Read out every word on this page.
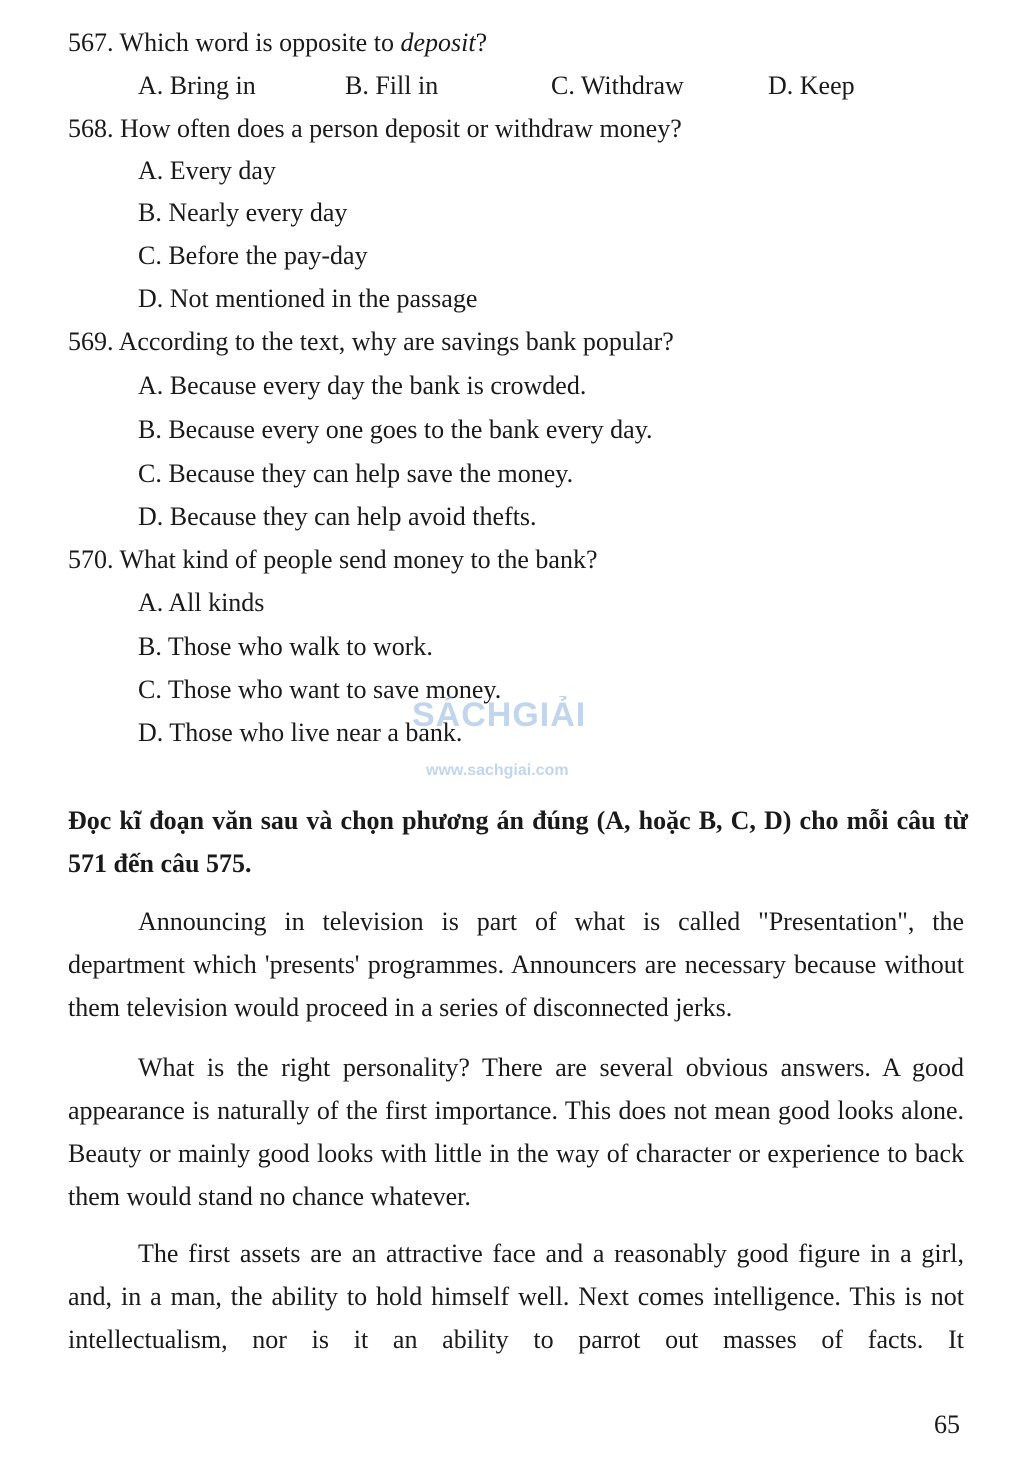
567. Which word is opposite to deposit?
A. Bring in	B. Fill in	C. Withdraw	D. Keep
568. How often does a person deposit or withdraw money?
A. Every day
B. Nearly every day
C. Before the pay-day
D. Not mentioned in the passage
569. According to the text, why are savings bank popular?
A. Because every day the bank is crowded.
B. Because every one goes to the bank every day.
C. Because they can help save the money.
D. Because they can help avoid thefts.
570. What kind of people send money to the bank?
A. All kinds
B. Those who walk to work.
C. Those who want to save money.
D. Those who live near a bank.
SÁCHGIẢI
www.sachgiai.com
Đọc kĩ đoạn văn sau và chọn phương án đúng (A, hoặc B, C, D) cho mỗi câu từ 571 đến câu 575.
Announcing in television is part of what is called "Presentation", the department which 'presents' programmes. Announcers are necessary because without them television would proceed in a series of disconnected jerks.
What is the right personality? There are several obvious answers. A good appearance is naturally of the first importance. This does not mean good looks alone. Beauty or mainly good looks with little in the way of character or experience to back them would stand no chance whatever.
The first assets are an attractive face and a reasonably good figure in a girl, and, in a man, the ability to hold himself well. Next comes intelligence. This is not intellectualism, nor is it an ability to parrot out masses of facts. It
65
